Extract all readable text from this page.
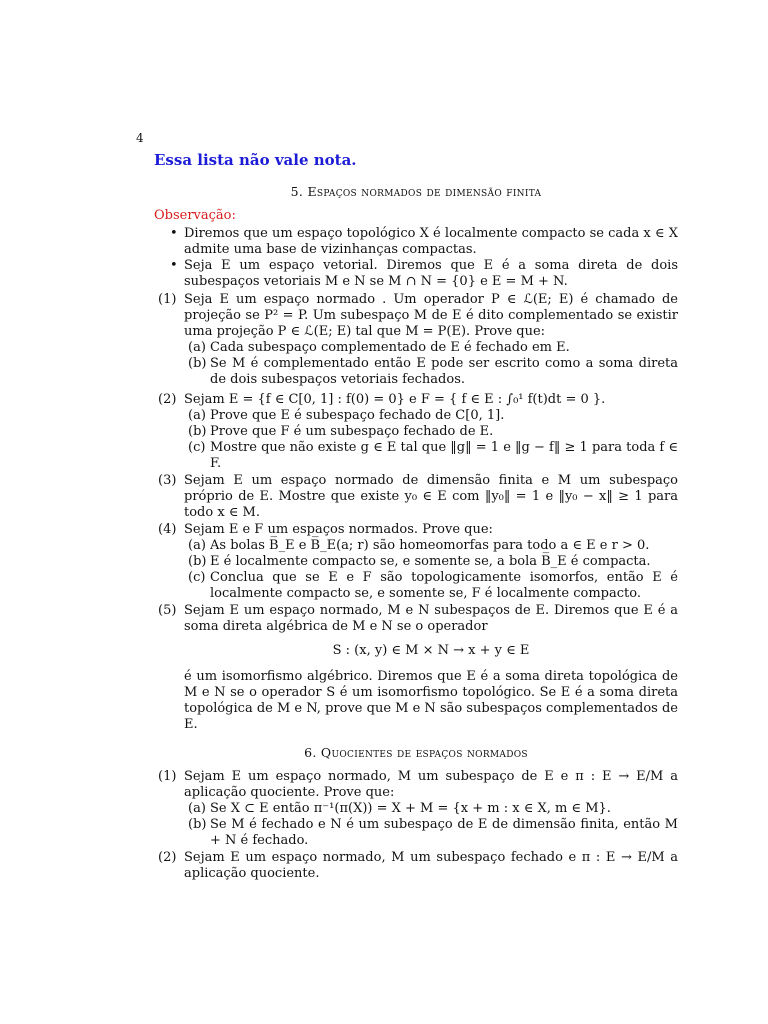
4
Essa lista não vale nota.
5. Espaços normados de dimensão finita
Observação:
• Diremos que um espaço topológico X é localmente compacto se cada x ∈ X admite uma base de vizinhanças compactas.
• Seja E um espaço vetorial. Diremos que E é a soma direta de dois subespaços vetoriais M e N se M ∩ N = {0} e E = M + N.
(1) Seja E um espaço normado . Um operador P ∈ ℒ(E; E) é chamado de projeção se P² = P. Um subespaço M de E é dito complementado se existir uma projeção P ∈ ℒ(E; E) tal que M = P(E). Prove que:
(a) Cada subespaço complementado de E é fechado em E.
(b) Se M é complementado então E pode ser escrito como a soma direta de dois subespaços vetoriais fechados.
(2) Sejam E = {f ∈ C[0, 1] : f(0) = 0} e F = { f ∈ E : ∫₀¹ f(t)dt = 0 }.
(a) Prove que E é subespaço fechado de C[0, 1].
(b) Prove que F é um subespaço fechado de E.
(c) Mostre que não existe g ∈ E tal que ‖g‖ = 1 e ‖g − f‖ ≥ 1 para toda f ∈ F.
(3) Sejam E um espaço normado de dimensão finita e M um subespaço próprio de E. Mostre que existe y₀ ∈ E com ‖y₀‖ = 1 e ‖y₀ − x‖ ≥ 1 para todo x ∈ M.
(4) Sejam E e F um espaços normados. Prove que:
(a) As bolas B̅_E e B̅_E(a; r) são homeomorfas para todo a ∈ E e r > 0.
(b) E é localmente compacto se, e somente se, a bola B̅_E é compacta.
(c) Conclua que se E e F são topologicamente isomorfos, então E é localmente compacto se, e somente se, F é localmente compacto.
(5) Sejam E um espaço normado, M e N subespaços de E. Diremos que E é a soma direta algébrica de M e N se o operador
S : (x, y) ∈ M × N → x + y ∈ E
é um isomorfismo algébrico. Diremos que E é a soma direta topológica de M e N se o operador S é um isomorfismo topológico. Se E é a soma direta topológica de M e N, prove que M e N são subespaços complementados de E.
6. Quocientes de espaços normados
(1) Sejam E um espaço normado, M um subespaço de E e π : E → E/M a aplicação quociente. Prove que:
(a) Se X ⊂ E então π⁻¹(π(X)) = X + M = {x + m : x ∈ X, m ∈ M}.
(b) Se M é fechado e N é um subespaço de E de dimensão finita, então M + N é fechado.
(2) Sejam E um espaço normado, M um subespaço fechado e π : E → E/M a aplicação quociente.
